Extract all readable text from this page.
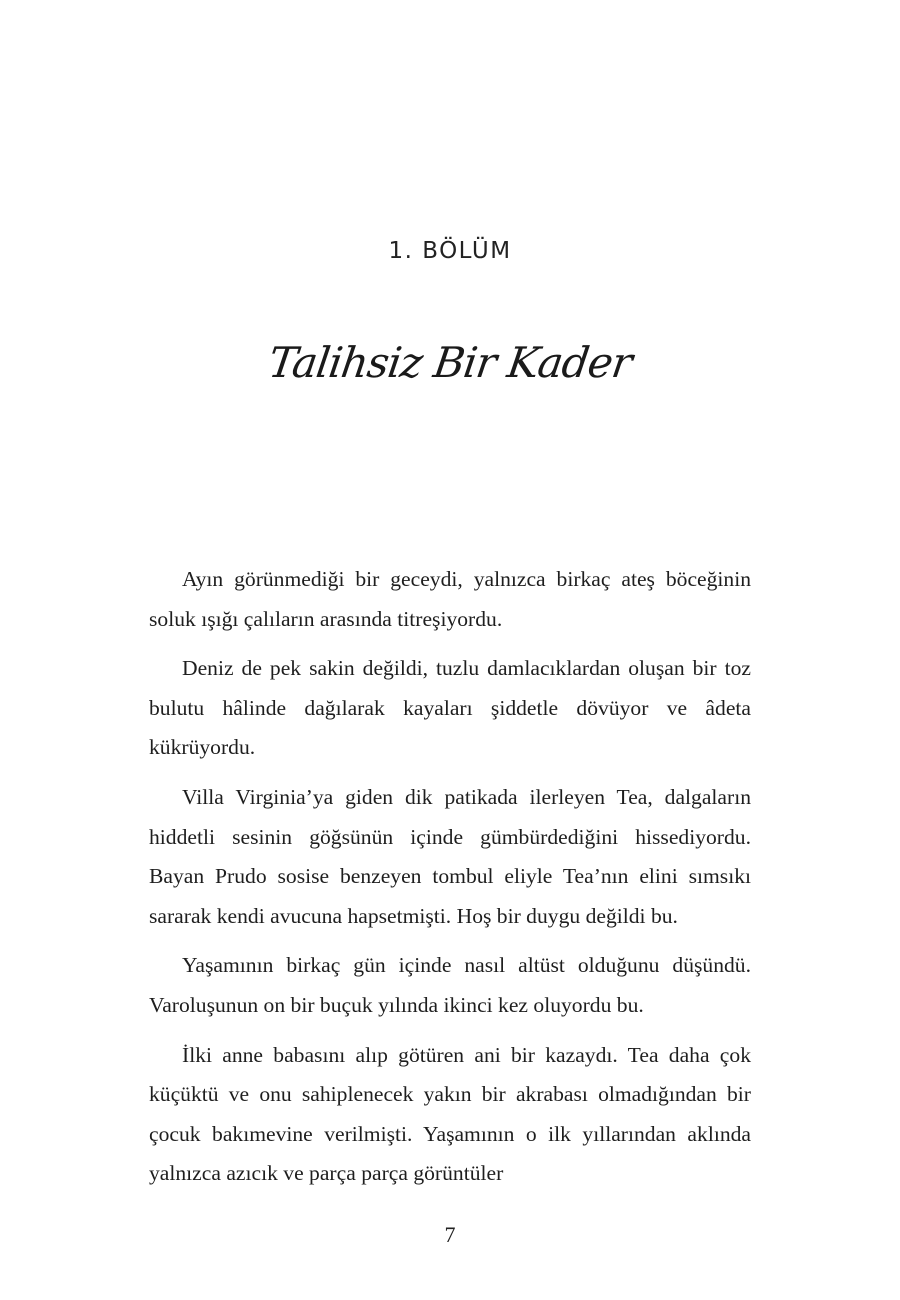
1. BÖLÜM
Talihsiz Bir Kader

Ayın görünmediği bir geceydi, yalnızca birkaç ateş böceğinin soluk ışığı çalıların arasında titreşiyordu.

Deniz de pek sakin değildi, tuzlu damlacıklardan oluşan bir toz bulutu hâlinde dağılarak kayaları şiddetle dövüyor ve âdeta kükrüyordu.

Villa Virginia’ya giden dik patikada ilerleyen Tea, dalgaların hiddetli sesinin göğsünün içinde gümbürdediğini hissediyordu. Bayan Prudo sosise benzeyen tombul eliyle Tea’nın elini sımsıkı sararak kendi avucuna hapsetmişti. Hoş bir duygu değildi bu.

Yaşamının birkaç gün içinde nasıl altüst olduğunu düşündü. Varoluşunun on bir buçuk yılında ikinci kez oluyordu bu.

İlki anne babasını alıp götüren ani bir kazaydı. Tea daha çok küçüktü ve onu sahiplenecek yakın bir akrabası olmadığından bir çocuk bakımevine verilmişti. Yaşamının o ilk yıllarından aklında yalnızca azıcık ve parça parça görüntüler

7
